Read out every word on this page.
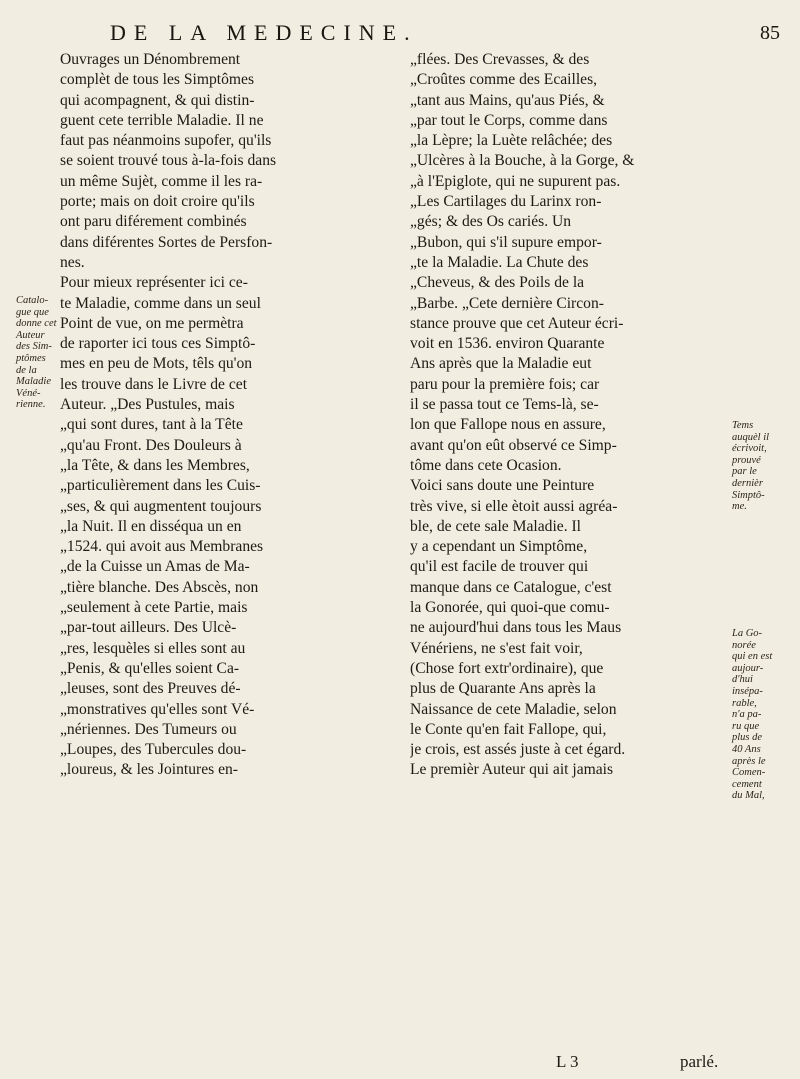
DE LA MEDECINE.	85

Ouvrages un Dénombrement

complèt de tous les Simptômes

qui acompagnent, & qui distin-

guent cete terrible Maladie. Il ne

faut pas néanmoins supofer, qu'ils

se soient trouvé tous à-la-fois dans

un même Sujèt, comme il les ra-

porte; mais on doit croire qu'ils

ont paru diférement combinés

dans diférentes Sortes de Persfon-

nes.

Pour mieux représenter ici ce-

te Maladie, comme dans un seul

Point de vue, on me permètra

de raporter ici tous ces Simptô-

mes en peu de Mots, têls qu'on

les trouve dans le Livre de cet

Auteur. „Des Pustules, mais

„qui sont dures, tant à la Tête

„qu'au Front. Des Douleurs à

„la Tête, & dans les Membres,

„particulièrement dans les Cuis-

„ses, & qui augmentent toujours

„la Nuit. Il en disséqua un en

„1524. qui avoit aus Membranes

„de la Cuisse un Amas de Ma-

„tière blanche. Des Abscès, non

„seulement à cete Partie, mais

„par-tout ailleurs. Des Ulcè-

„res, lesquèles si elles sont au

„Penis, & qu'elles soient Ca-

„leuses, sont des Preuves dé-

„monstratives qu'elles sont Vé-

„nériennes. Des Tumeurs ou

„Loupes, des Tubercules dou-

„loureus, & les Jointures en-

„flées. Des Crevasses, & des

„Croûtes comme des Ecailles,

„tant aus Mains, qu'aus Piés, &

„par tout le Corps, comme dans

„la Lèpre; la Luète relâchée; des

„Ulcères à la Bouche, à la Gorge, &

„à l'Epiglote, qui ne supurent pas.

„Les Cartilages du Larinx ron-

„gés; & des Os cariés. Un

„Bubon, qui s'il supure empor-

„te la Maladie. La Chute des

„Cheveus, & des Poils de la

„Barbe. „Cete dernière Circon-

stance prouve que cet Auteur écri-

voit en 1536. environ Quarante

Ans après que la Maladie eut

paru pour la première fois; car

il se passa tout ce Tems-là, se-

lon que Fallope nous en assure,

avant qu'on eût observé ce Simp-

tôme dans cete Ocasion.

Voici sans doute une Peinture

très vive, si elle ètoit aussi agréa-

ble, de cete sale Maladie. Il

y a cependant un Simptôme,

qu'il est facile de trouver qui

manque dans ce Catalogue, c'est

la Gonorée, qui quoi-que comu-

ne aujourd'hui dans tous les Maus

Vénériens, ne s'est fait voir,

(Chose fort extr'ordinaire), que

plus de Quarante Ans après la

Naissance de cete Maladie, selon

le Conte qu'en fait Fallope, qui,

je crois, est assés juste à cet égard.

Le premièr Auteur qui ait jamais

Catalo-

gue que

donne cet

Auteur

des Sim-

ptômes

de la

Maladie

Véné-

rienne.

Tems

auquèl il

écrivoit,

prouvé

par le

dernièr

Simptô-

me.

La Go-

norée

qui en est

aujour-

d'hui

insépa-

rable,

n'a pa-

ru que

plus de

40 Ans

après le

Comen-

cement

du Mal,

L 3	parlé.
